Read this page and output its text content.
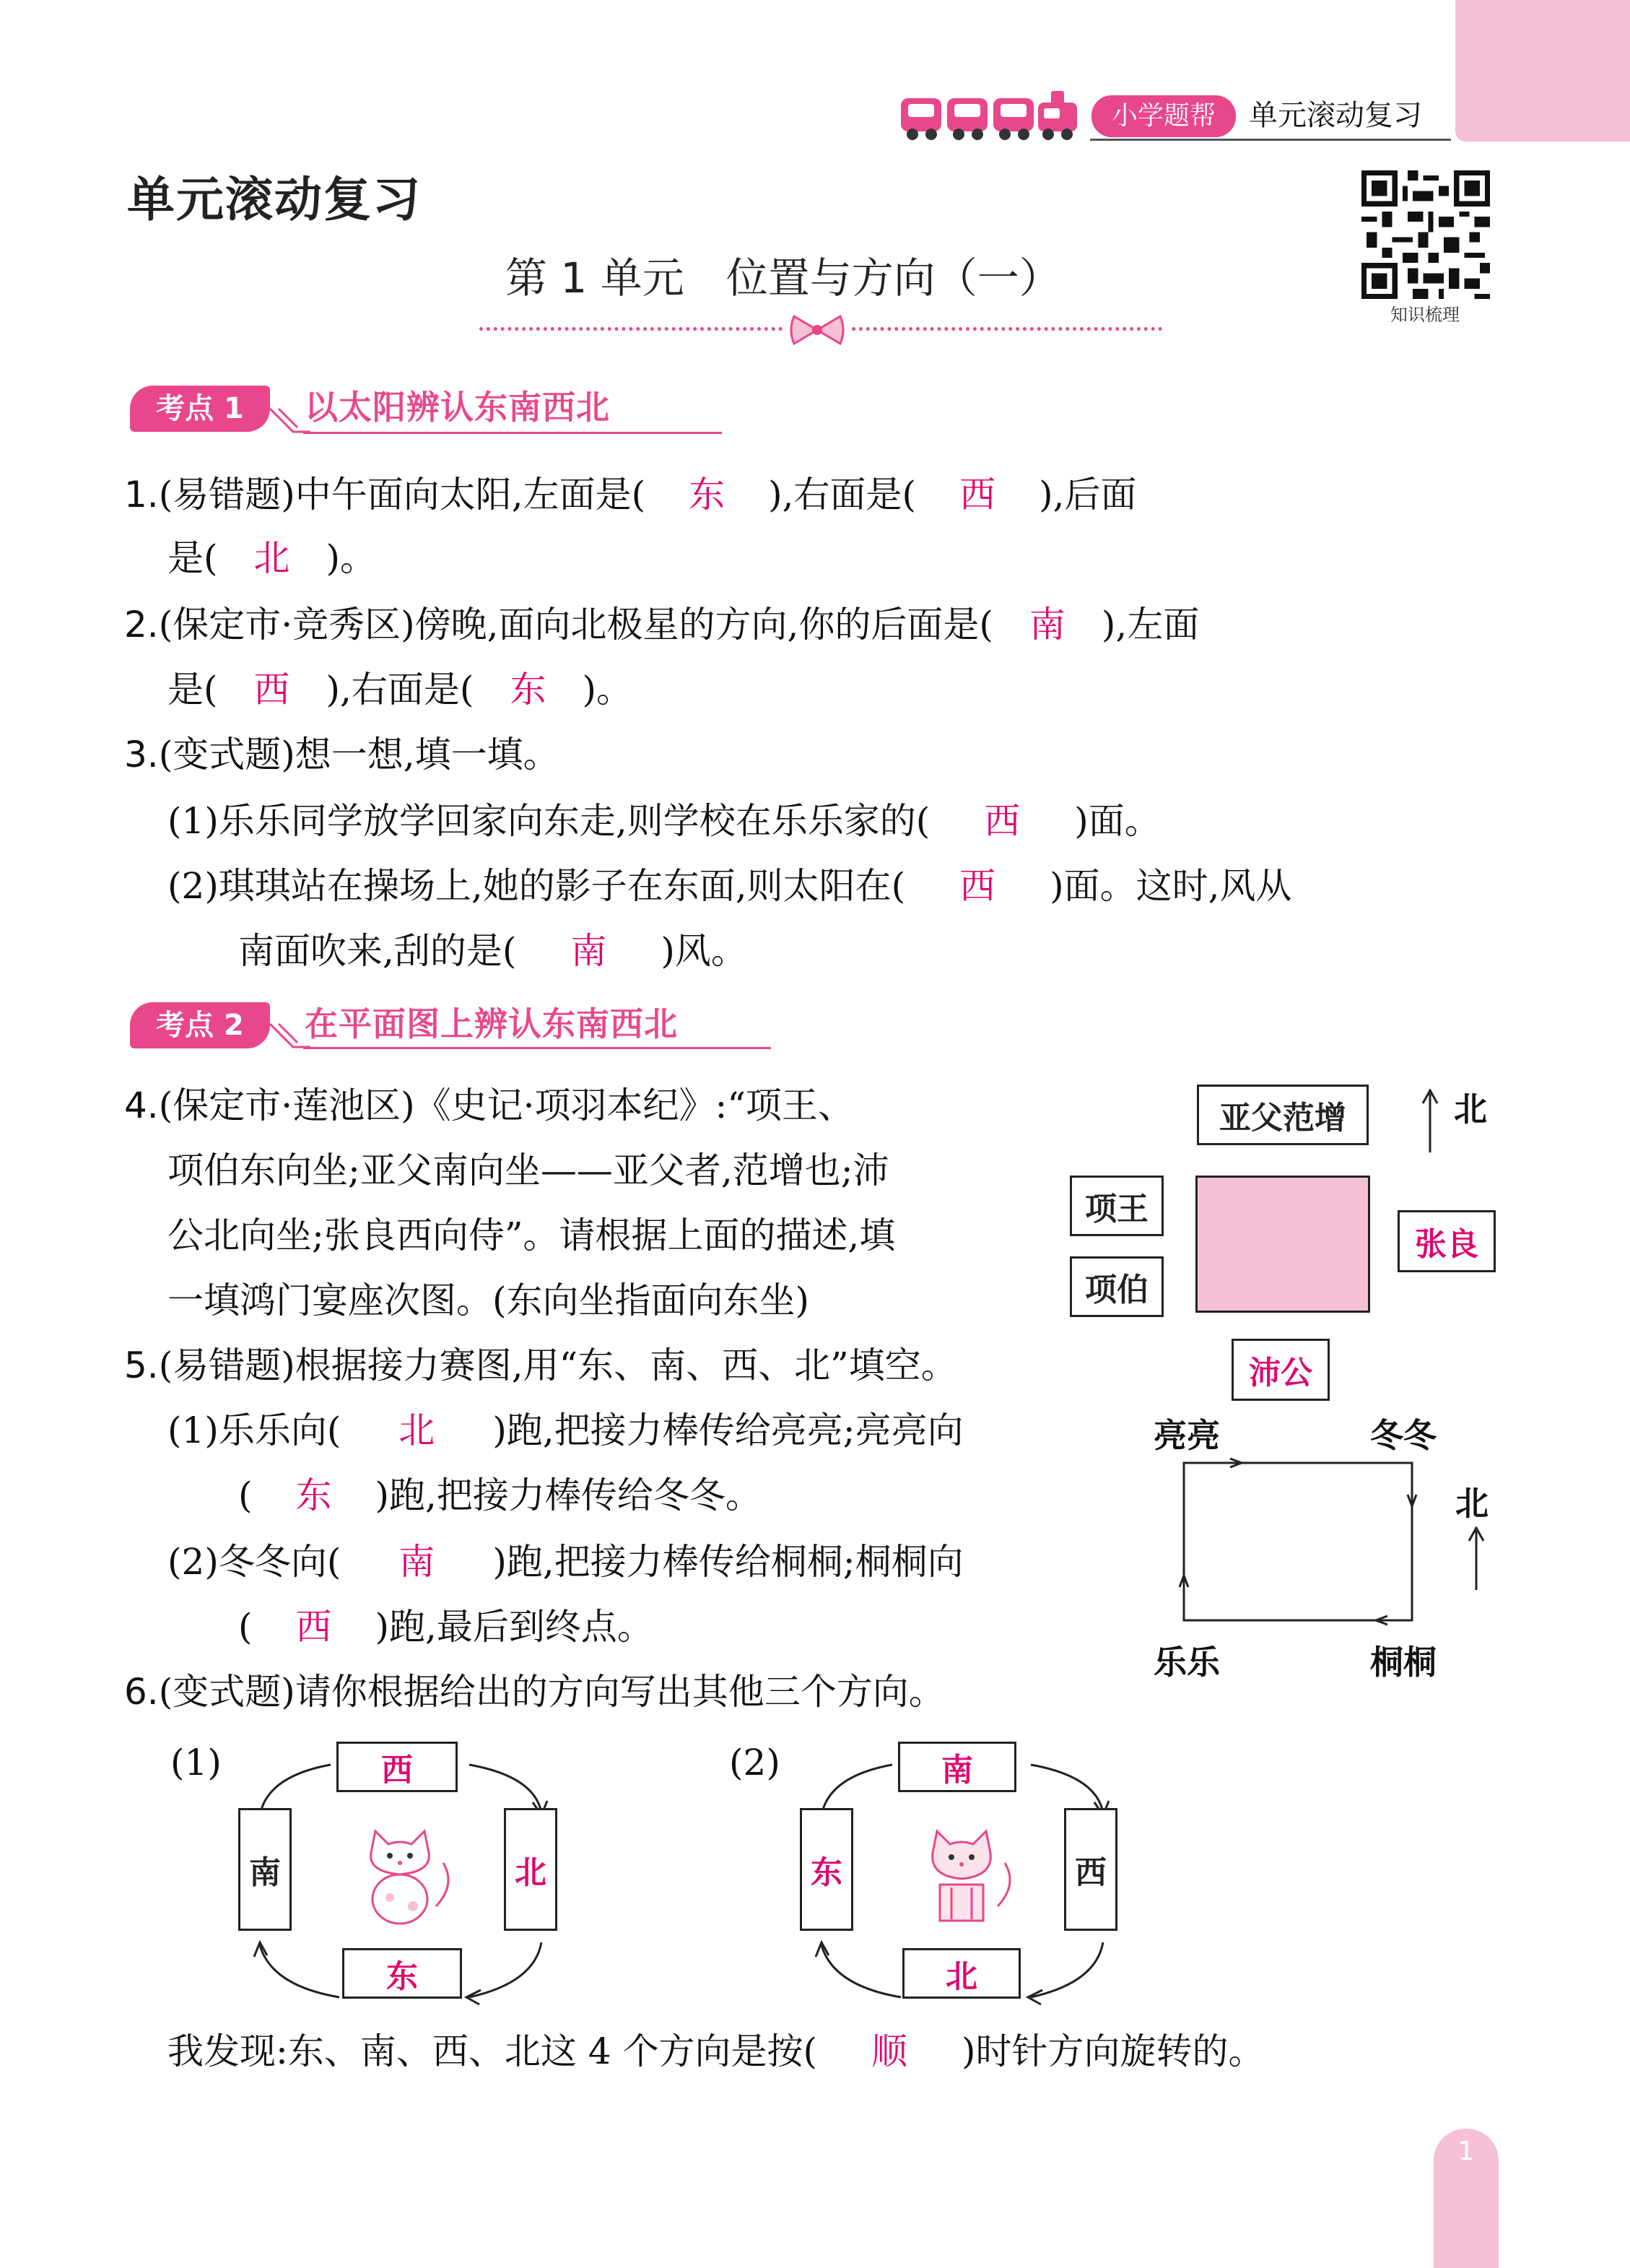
小学题帮	单元滚动复习
单元滚动复习
第 1 单元　位置与方向（一）
知识梳理
考点 1	以太阳辨认东南西北
1.(易错题)中午面向太阳,左面是( 东 ),右面是( 西 ),后面
是( 北 )。
2.(保定市·竞秀区)傍晚,面向北极星的方向,你的后面是( 南 ),左面
是( 西 ),右面是( 东 )。
3.(变式题)想一想,填一填。
(1)乐乐同学放学回家向东走,则学校在乐乐家的( 西 )面。
(2)琪琪站在操场上,她的影子在东面,则太阳在( 西 )面。这时,风从
南面吹来,刮的是( 南 )风。
考点 2	在平面图上辨认东南西北
4.(保定市·莲池区)《史记·项羽本纪》:“项王、
项伯东向坐;亚父南向坐——亚父者,范增也;沛
公北向坐;张良西向侍”。请根据上面的描述,填
一填鸿门宴座次图。(东向坐指面向东坐)
亚父范增
项王
项伯
张良
沛公
北
5.(易错题)根据接力赛图,用“东、南、西、北”填空。
(1)乐乐向( 北 )跑,把接力棒传给亮亮;亮亮向
( 东 )跑,把接力棒传给冬冬。
(2)冬冬向( 南 )跑,把接力棒传给桐桐;桐桐向
( 西 )跑,最后到终点。
亮亮	冬冬
乐乐	桐桐
北
6.(变式题)请你根据给出的方向写出其他三个方向。
(1)	西
南	北
东
(2)	南
东	西
北
我发现:东、南、西、北这 4 个方向是按( 顺 )时针方向旋转的。
1
